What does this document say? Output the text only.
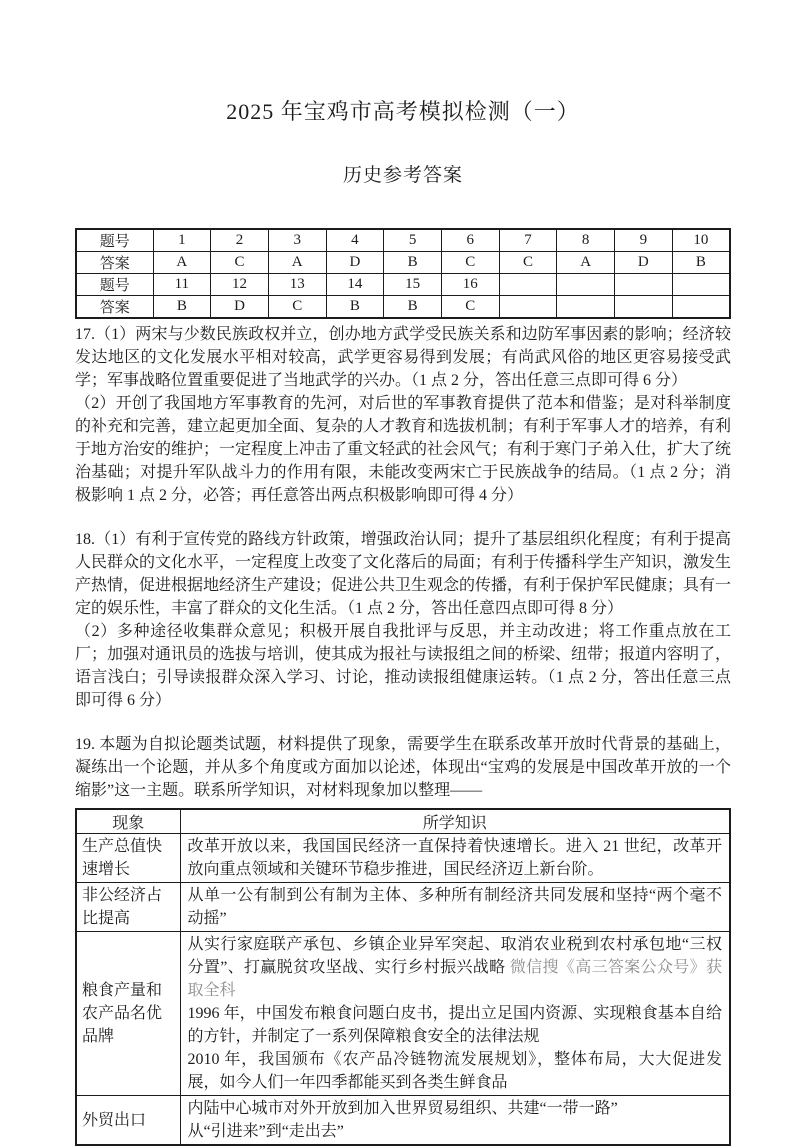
2025 年宝鸡市高考模拟检测（一）
历史参考答案
题号	1	2	3	4	5	6	7	8	9	10
答案	A	C	A	D	B	C	C	A	D	B
题号	11	12	13	14	15	16				
答案	B	D	C	B	B	C				

17.（1）两宋与少数民族政权并立，创办地方武学受民族关系和边防军事因素的影响；经济较发达地区的文化发展水平相对较高，武学更容易得到发展；有尚武风俗的地区更容易接受武学；军事战略位置重要促进了当地武学的兴办。（1 点 2 分，答出任意三点即可得 6 分）

（2）开创了我国地方军事教育的先河，对后世的军事教育提供了范本和借鉴；是对科举制度的补充和完善，建立起更加全面、复杂的人才教育和选拔机制；有利于军事人才的培养，有利于地方治安的维护；一定程度上冲击了重文轻武的社会风气；有利于寒门子弟入仕，扩大了统治基础；对提升军队战斗力的作用有限，未能改变两宋亡于民族战争的结局。（1 点 2 分；消极影响 1 点 2 分，必答；再任意答出两点积极影响即可得 4 分）

18.（1）有利于宣传党的路线方针政策，增强政治认同；提升了基层组织化程度；有利于提高人民群众的文化水平，一定程度上改变了文化落后的局面；有利于传播科学生产知识，激发生产热情，促进根据地经济生产建设；促进公共卫生观念的传播，有利于保护军民健康；具有一定的娱乐性，丰富了群众的文化生活。（1 点 2 分，答出任意四点即可得 8 分）

（2）多种途径收集群众意见；积极开展自我批评与反思，并主动改进；将工作重点放在工厂；加强对通讯员的选拔与培训，使其成为报社与读报组之间的桥梁、纽带；报道内容明了，语言浅白；引导读报群众深入学习、讨论，推动读报组健康运转。（1 点 2 分，答出任意三点即可得 6 分）

19. 本题为自拟论题类试题，材料提供了现象，需要学生在联系改革开放时代背景的基础上，凝练出一个论题，并从多个角度或方面加以论述，体现出“宝鸡的发展是中国改革开放的一个缩影”这一主题。联系所学知识，对材料现象加以整理——

现象	所学知识
生产总值快速增长	改革开放以来，我国国民经济一直保持着快速增长。进入 21 世纪，改革开放向重点领域和关键环节稳步推进，国民经济迈上新台阶。

非公经济占比提高	从单一公有制到公有制为主体、多种所有制经济共同发展和坚持“两个毫不动摇”

粮食产量和农产品名优品牌	从实行家庭联产承包、乡镇企业异军突起、取消农业税到农村承包地“三权分置”、打赢脱贫攻坚战、实行乡村振兴战略 微信搜《高三答案公众号》获取全科

1996 年，中国发布粮食问题白皮书，提出立足国内资源、实现粮食基本自给的方针，并制定了一系列保障粮食安全的法律法规

2010 年，我国颁布《农产品冷链物流发展规划》，整体布局，大大促进发展，如今人们一年四季都能买到各类生鲜食品

外贸出口	内陆中心城市对外开放到加入世界贸易组织、共建“一带一路”

从“引进来”到“走出去”
